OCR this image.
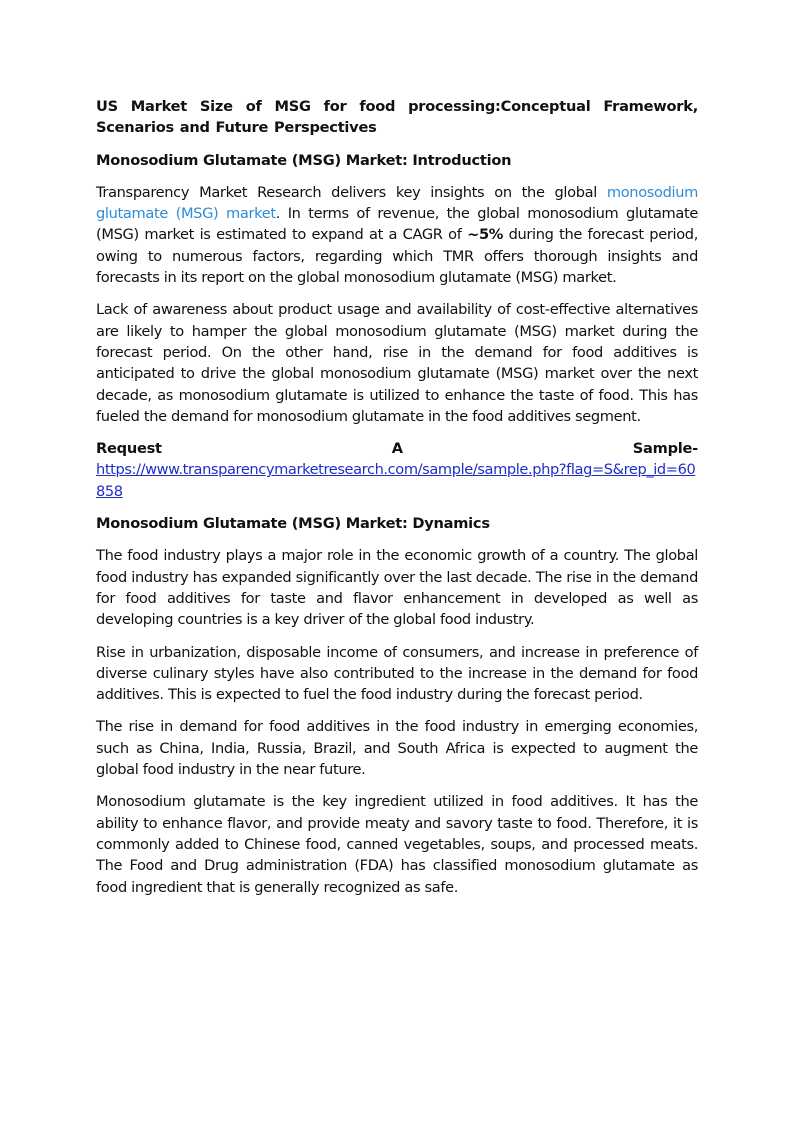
US Market Size of MSG for food processing:Conceptual Framework, Scenarios and Future Perspectives
Monosodium Glutamate (MSG) Market: Introduction

Transparency Market Research delivers key insights on the global monosodium glutamate (MSG) market. In terms of revenue, the global monosodium glutamate (MSG) market is estimated to expand at a CAGR of ~5% during the forecast period, owing to numerous factors, regarding which TMR offers thorough insights and forecasts in its report on the global monosodium glutamate (MSG) market.

Lack of awareness about product usage and availability of cost-effective alternatives are likely to hamper the global monosodium glutamate (MSG) market during the forecast period. On the other hand, rise in the demand for food additives is anticipated to drive the global monosodium glutamate (MSG) market over the next decade, as monosodium glutamate is utilized to enhance the taste of food. This has fueled the demand for monosodium glutamate in the food additives segment.

Request	A	Sample-
https://www.transparencymarketresearch.com/sample/sample.php?flag=S&rep_id=60858
Monosodium Glutamate (MSG) Market: Dynamics

The food industry plays a major role in the economic growth of a country. The global food industry has expanded significantly over the last decade. The rise in the demand for food additives for taste and flavor enhancement in developed as well as developing countries is a key driver of the global food industry.

Rise in urbanization, disposable income of consumers, and increase in preference of diverse culinary styles have also contributed to the increase in the demand for food additives. This is expected to fuel the food industry during the forecast period.

The rise in demand for food additives in the food industry in emerging economies, such as China, India, Russia, Brazil, and South Africa is expected to augment the global food industry in the near future.

Monosodium glutamate is the key ingredient utilized in food additives. It has the ability to enhance flavor, and provide meaty and savory taste to food. Therefore, it is commonly added to Chinese food, canned vegetables, soups, and processed meats. The Food and Drug administration (FDA) has classified monosodium glutamate as food ingredient that is generally recognized as safe.
